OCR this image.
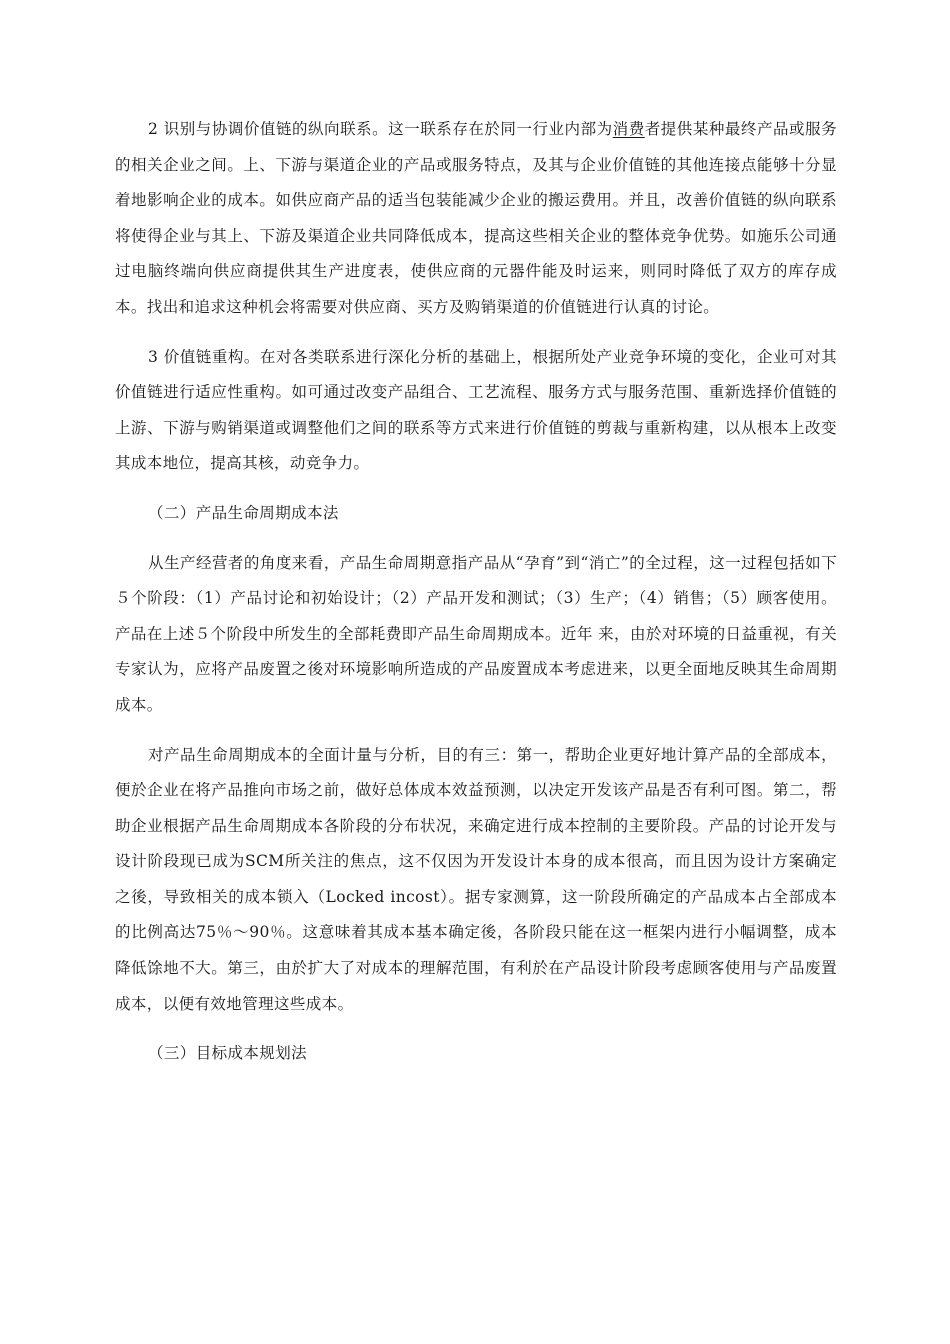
2 识别与协调价值链的纵向联系。这一联系存在於同一行业内部为消费者提供某种最终产品或服务的相关企业之间。上、下游与渠道企业的产品或服务特点，及其与企业价值链的其他连接点能够十分显着地影响企业的成本。如供应商产品的适当包装能减少企业的搬运费用。并且，改善价值链的纵向联系将使得企业与其上、下游及渠道企业共同降低成本，提高这些相关企业的整体竞争优势。如施乐公司通过电脑终端向供应商提供其生产进度表，使供应商的元器件能及时运来，则同时降低了双方的库存成本。找出和追求这种机会将需要对供应商、买方及购销渠道的价值链进行认真的讨论。

3 价值链重构。在对各类联系进行深化分析的基础上，根据所处产业竞争环境的变化，企业可对其价值链进行适应性重构。如可通过改变产品组合、工艺流程、服务方式与服务范围、重新选择价值链的上游、下游与购销渠道或调整他们之间的联系等方式来进行价值链的剪裁与重新构建，以从根本上改变其成本地位，提高其核，动竞争力。

（二）产品生命周期成本法

从生产经营者的角度来看，产品生命周期意指产品从“孕育”到“消亡”的全过程，这一过程包括如下５个阶段：（1）产品讨论和初始设计；（2）产品开发和测试；（3）生产；（4）销售；（5）顾客使用。产品在上述５个阶段中所发生的全部耗费即产品生命周期成本。近年 来，由於对环境的日益重视，有关专家认为，应将产品废置之後对环境影响所造成的产品废置成本考虑进来，以更全面地反映其生命周期成本。

对产品生命周期成本的全面计量与分析，目的有三：第一，帮助企业更好地计算产品的全部成本，便於企业在将产品推向市场之前，做好总体成本效益预测，以决定开发该产品是否有利可图。第二，帮助企业根据产品生命周期成本各阶段的分布状况，来确定进行成本控制的主要阶段。产品的讨论开发与设计阶段现已成为SCM所关注的焦点，这不仅因为开发设计本身的成本很高，而且因为设计方案确定之後，导致相关的成本锁入（Locked incost）。据专家测算，这一阶段所确定的产品成本占全部成本的比例高达75％～90％。这意味着其成本基本确定後，各阶段只能在这一框架内进行小幅调整，成本降低馀地不大。第三，由於扩大了对成本的理解范围，有利於在产品设计阶段考虑顾客使用与产品废置成本，以便有效地管理这些成本。

（三）目标成本规划法
